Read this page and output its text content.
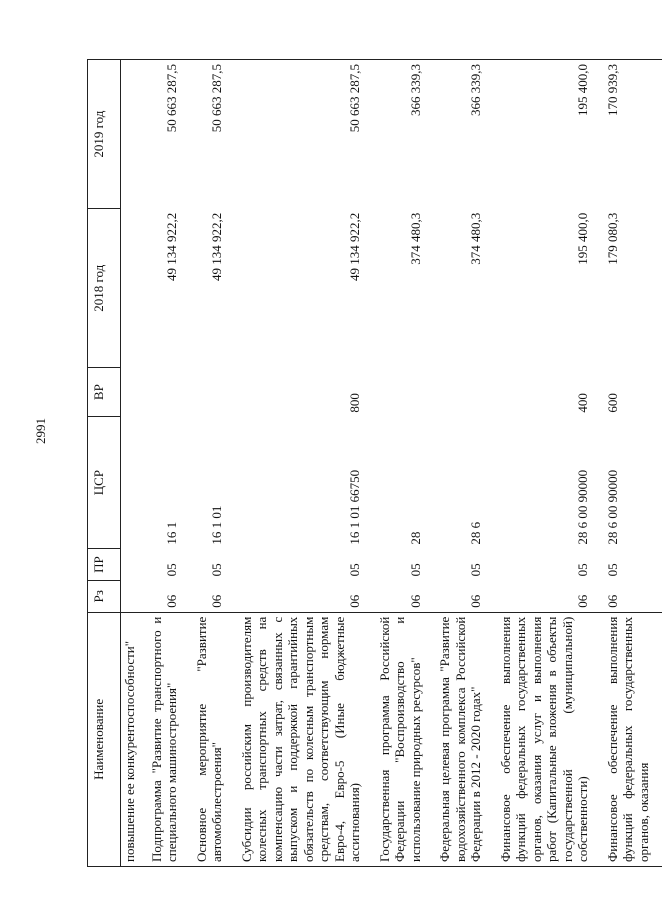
2991
Наименование	Рз	ПР	ЦСР	ВР	2018 год	2019 год
повышение ее конкурентоспособности"						
Подпрограмма "Развитие транспортного и специального машиностроения"	06	05	16 1		49 134 922,2	50 663 287,5
Основное мероприятие "Развитие автомобилестроения"	06	05	16 1 01		49 134 922,2	50 663 287,5
Субсидии российским производителям колесных транспортных средств на компенсацию части затрат, связанных с выпуском и поддержкой гарантийных обязательств по колесным транспортным средствам, соответствующим нормам Евро-4, Евро-5 (Иные бюджетные ассигнования)	06	05	16 1 01 66750	800	49 134 922,2	50 663 287,5
Государственная программа Российской Федерации "Воспроизводство и использование природных ресурсов"	06	05	28		374 480,3	366 339,3
Федеральная целевая программа "Развитие водохозяйственного комплекса Российской Федерации в 2012 - 2020 годах"	06	05	28 6		374 480,3	366 339,3
Финансовое обеспечение выполнения функций федеральных государственных органов, оказания услуг и выполнения работ (Капитальные вложения в объекты государственной (муниципальной) собственности)	06	05	28 6 00 90000	400	195 400,0	195 400,0
Финансовое обеспечение выполнения функций федеральных государственных органов, оказания	06	05	28 6 00 90000	600	179 080,3	170 939,3
